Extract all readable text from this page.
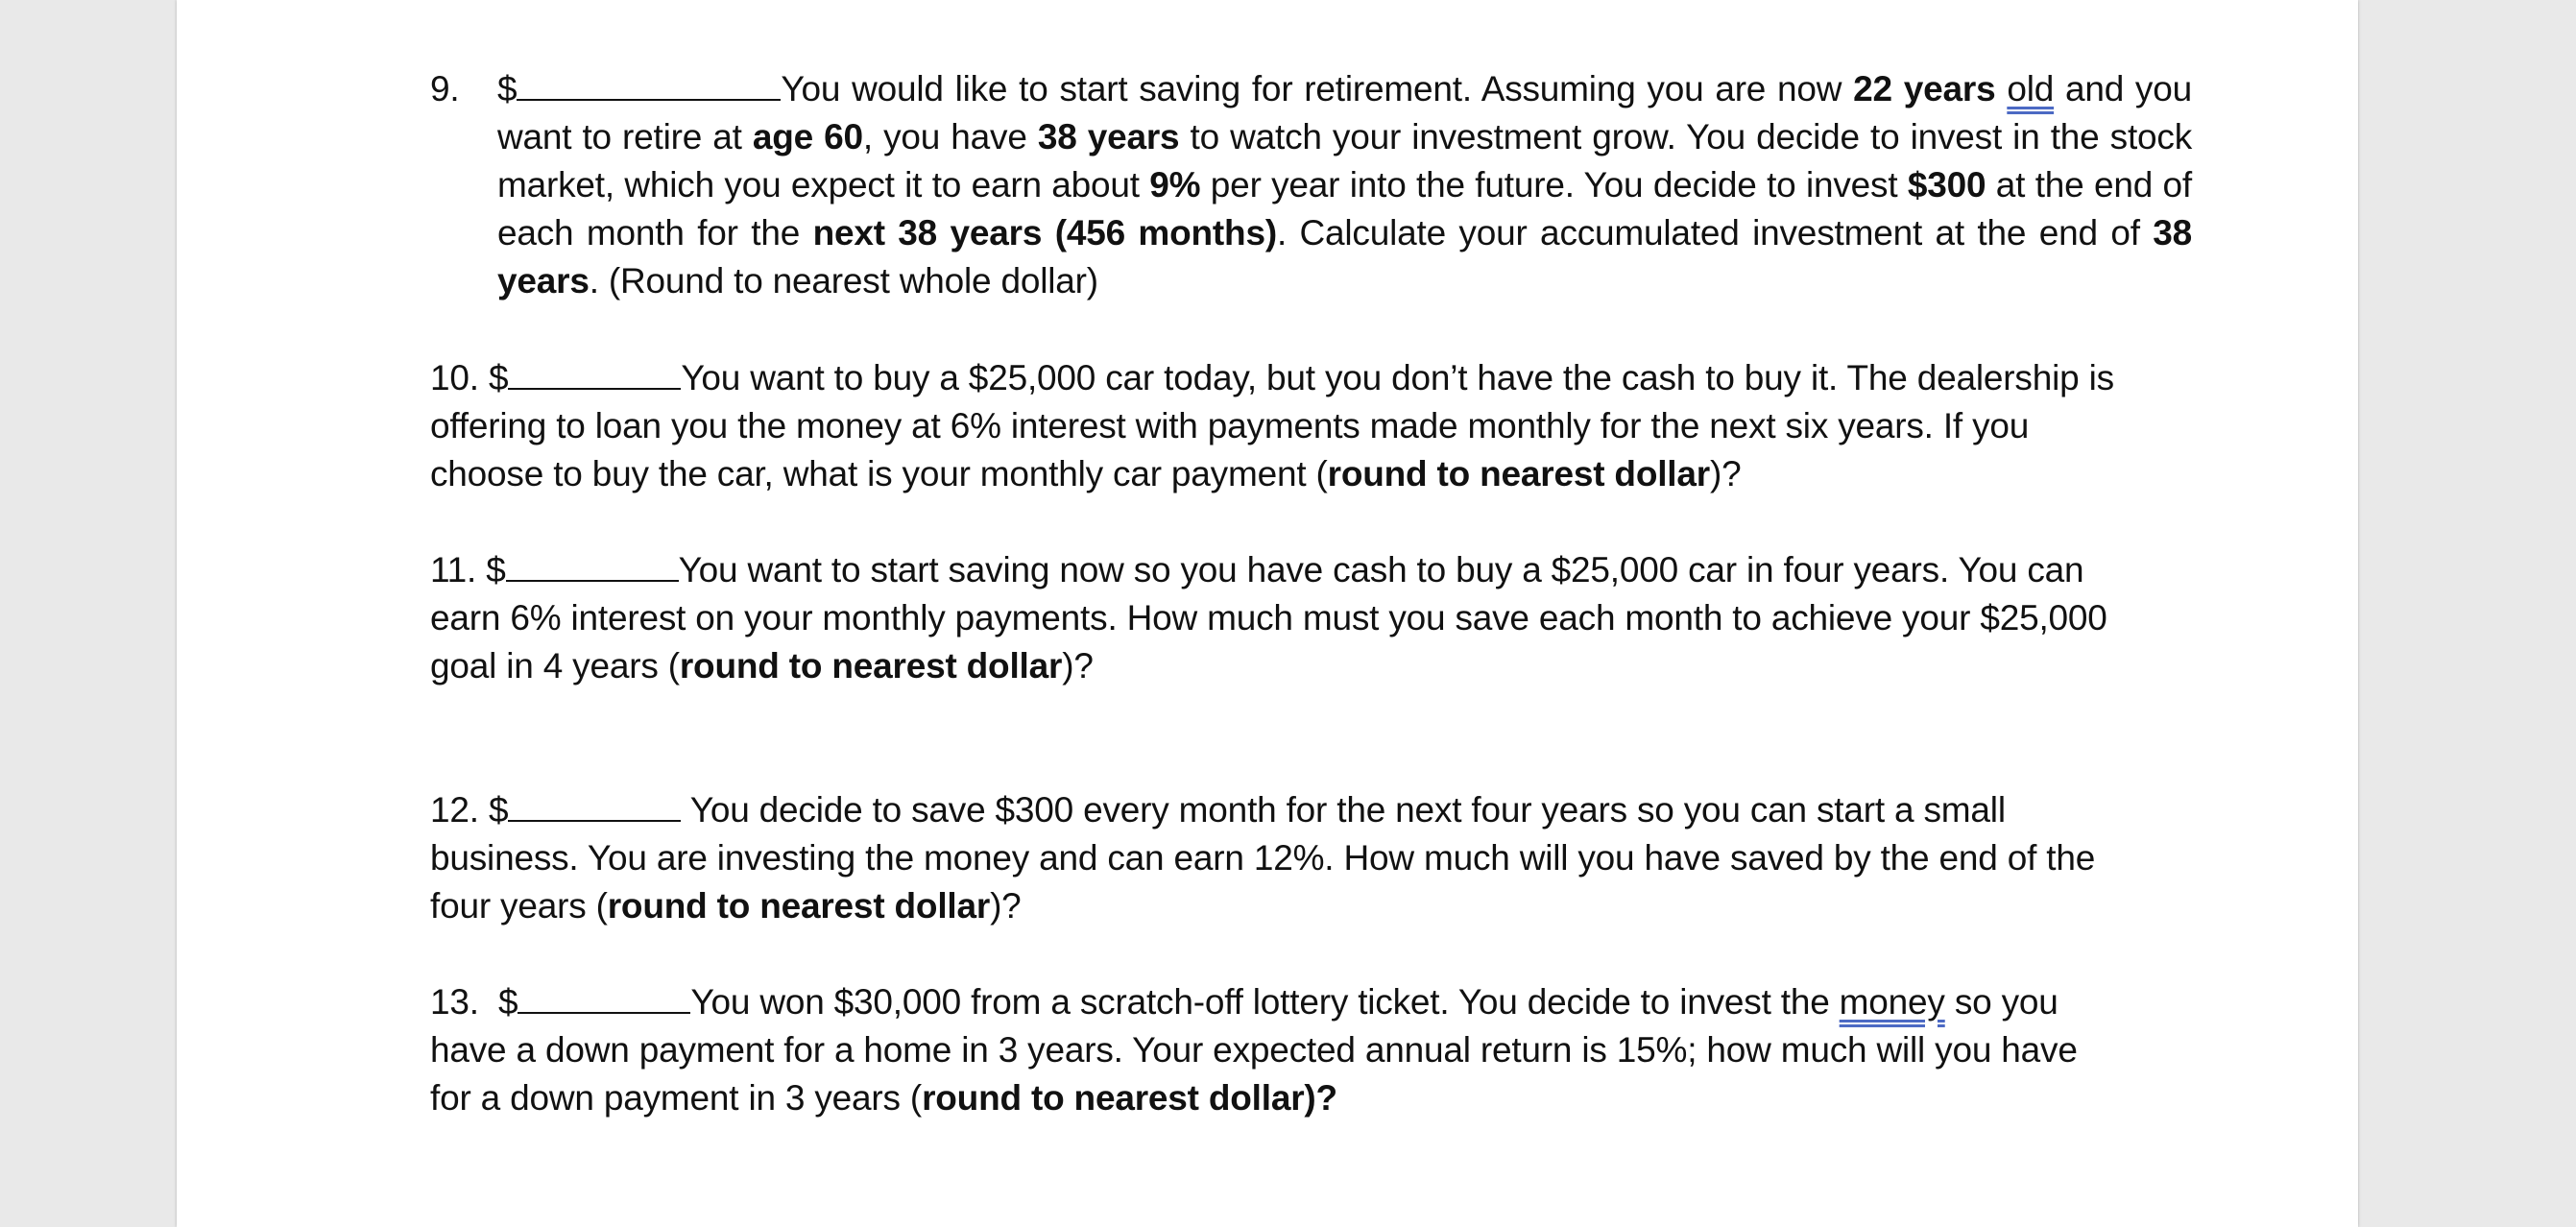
9. $	You would like to start saving for retirement. Assuming you are now 22 years old and you want to retire at age 60, you have 38 years to watch your investment grow. You decide to invest in the stock market, which you expect it to earn about 9% per year into the future. You decide to invest $300 at the end of each month for the next 38 years (456 months). Calculate your accumulated investment at the end of 38 years. (Round to nearest whole dollar)
10. $	You want to buy a $25,000 car today, but you don’t have the cash to buy it. The dealership is offering to loan you the money at 6% interest with payments made monthly for the next six years. If you choose to buy the car, what is your monthly car payment (round to nearest dollar)?
11. $	You want to start saving now so you have cash to buy a $25,000 car in four years. You can earn 6% interest on your monthly payments. How much must you save each month to achieve your $25,000 goal in 4 years (round to nearest dollar)?
12. $	You decide to save $300 every month for the next four years so you can start a small business. You are investing the money and can earn 12%. How much will you have saved by the end of the four years (round to nearest dollar)?
13. $	You won $30,000 from a scratch-off lottery ticket. You decide to invest the money so you have a down payment for a home in 3 years. Your expected annual return is 15%; how much will you have for a down payment in 3 years (round to nearest dollar)?
